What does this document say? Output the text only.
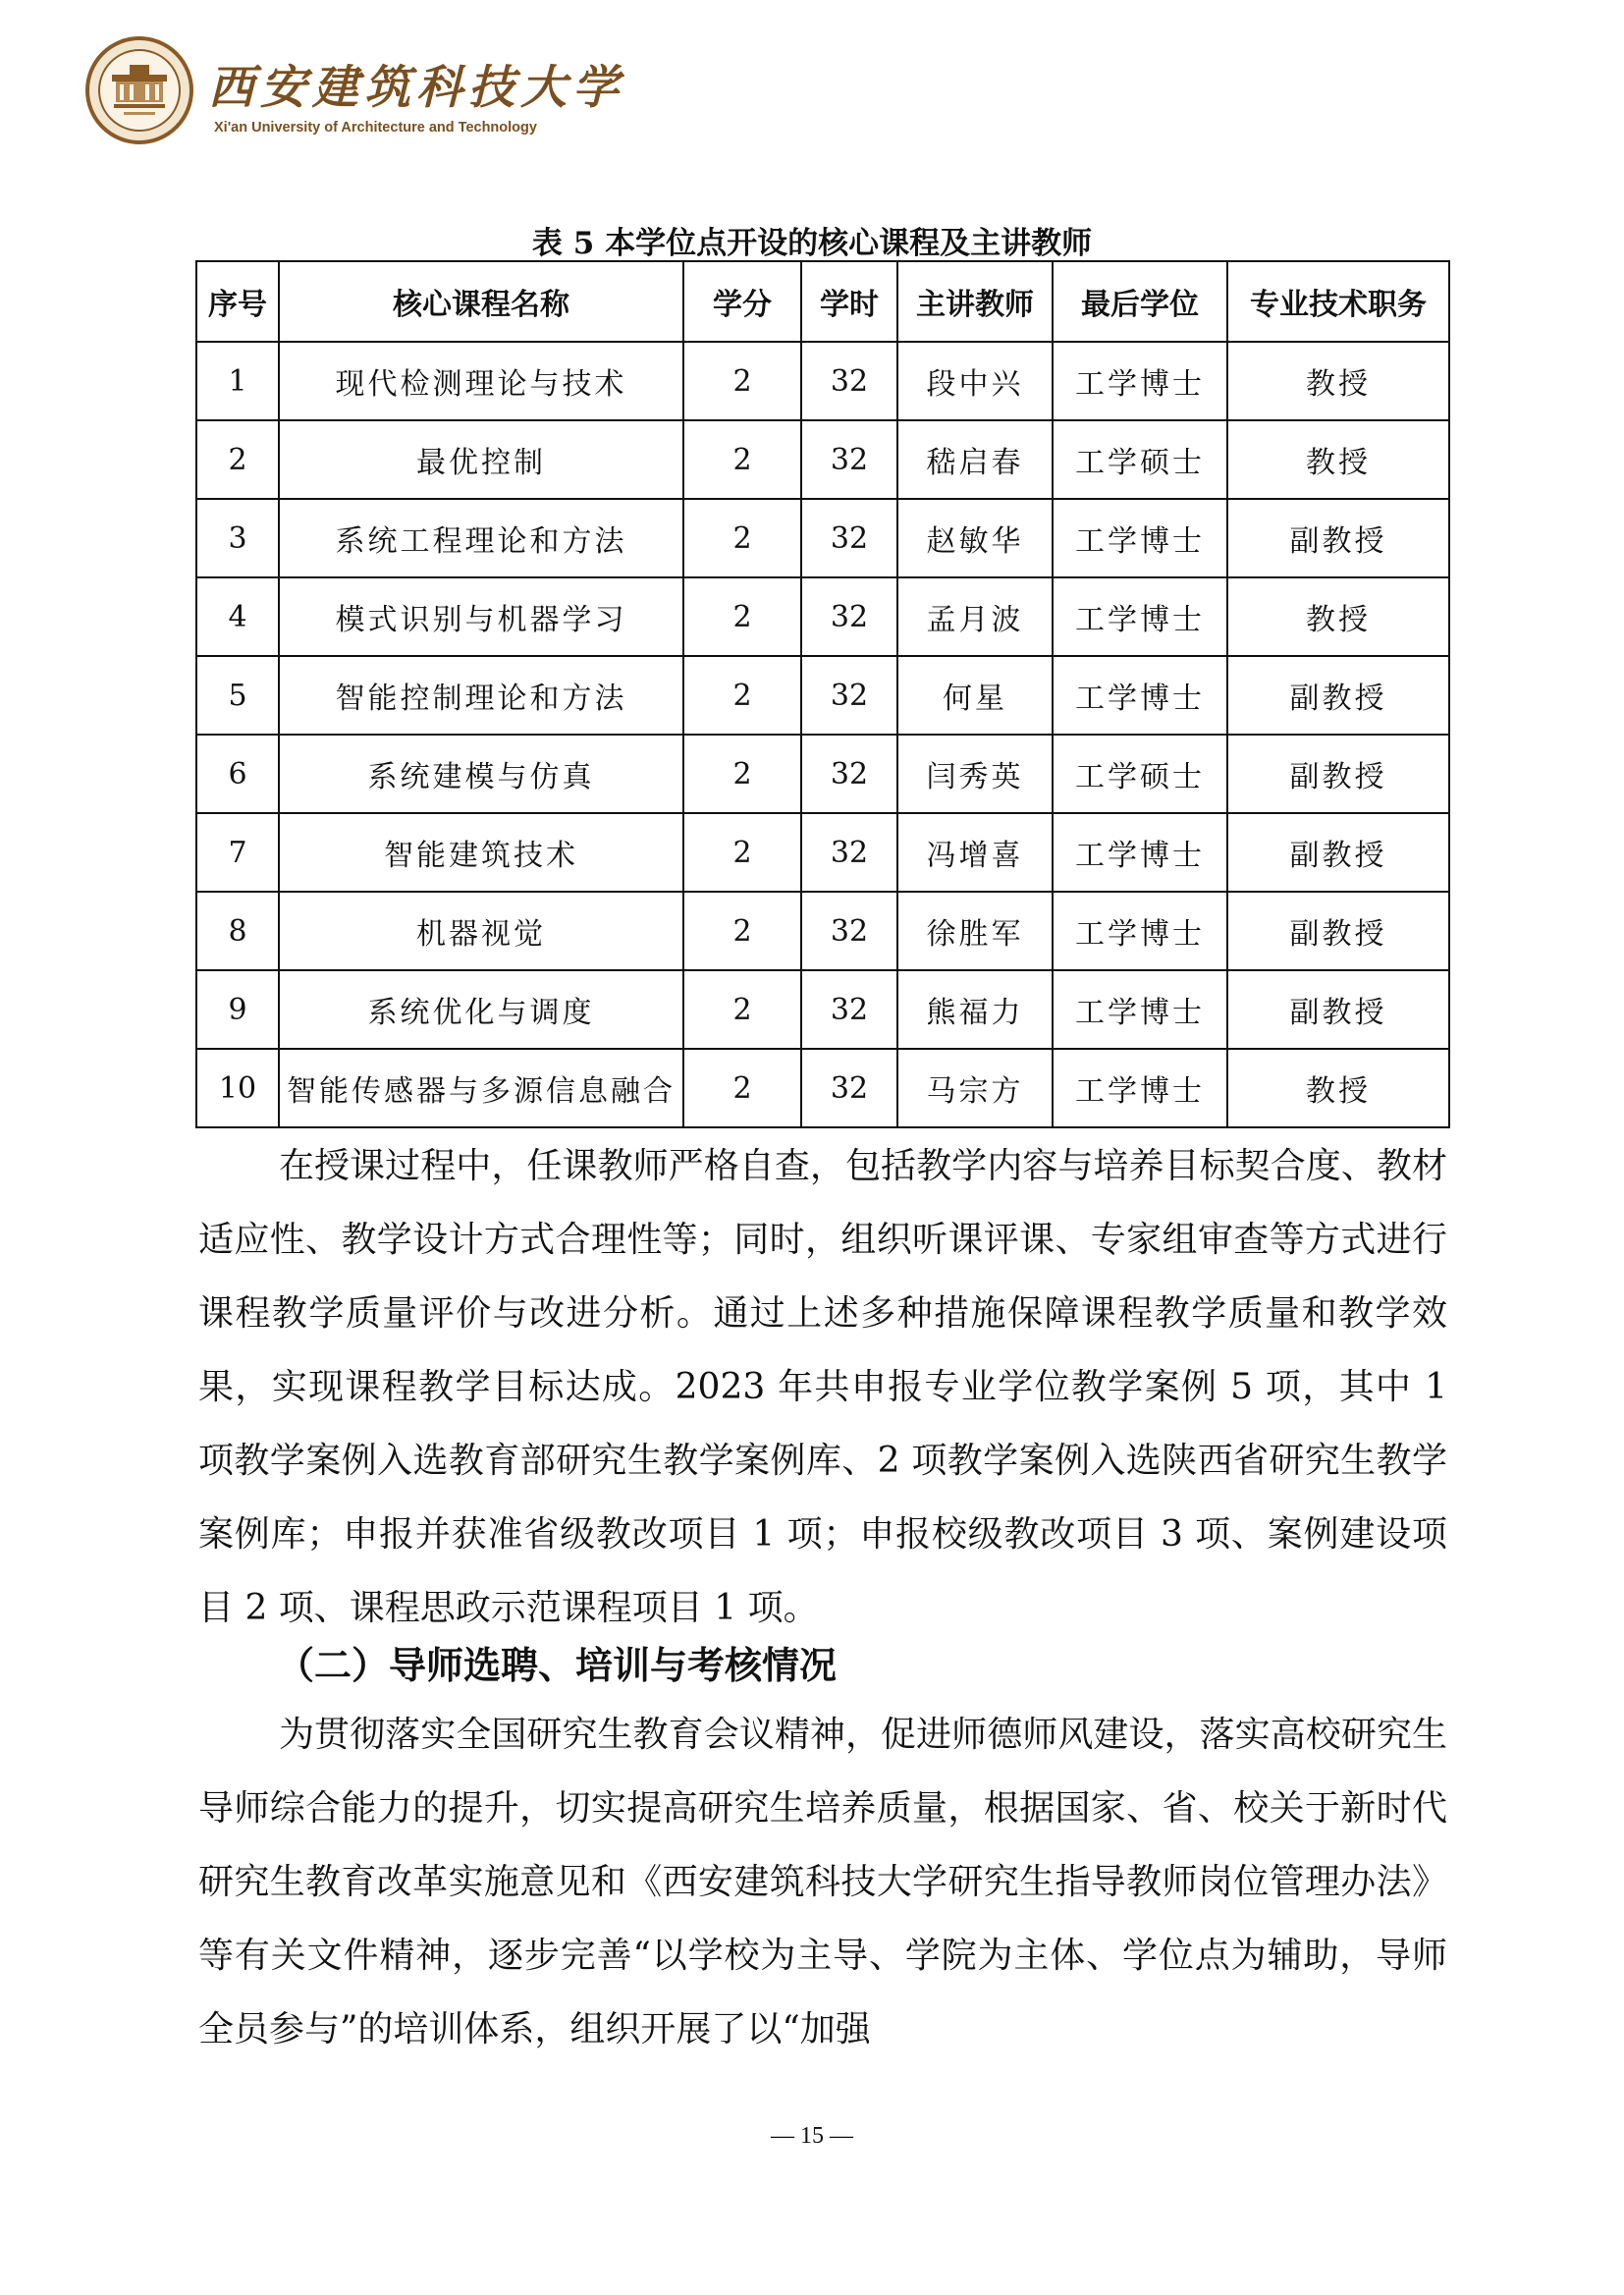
西安建筑科技大学
Xi'an University of Architecture and Technology
表 5 本学位点开设的核心课程及主讲教师
序号	核心课程名称	学分	学时	主讲教师	最后学位	专业技术职务
1	现代检测理论与技术	2	32	段中兴	工学博士	教授
2	最优控制	2	32	嵇启春	工学硕士	教授
3	系统工程理论和方法	2	32	赵敏华	工学博士	副教授
4	模式识别与机器学习	2	32	孟月波	工学博士	教授
5	智能控制理论和方法	2	32	何星	工学博士	副教授
6	系统建模与仿真	2	32	闫秀英	工学硕士	副教授
7	智能建筑技术	2	32	冯增喜	工学博士	副教授
8	机器视觉	2	32	徐胜军	工学博士	副教授
9	系统优化与调度	2	32	熊福力	工学博士	副教授
10	智能传感器与多源信息融合	2	32	马宗方	工学博士	教授

在授课过程中，任课教师严格自查，包括教学内容与培养目标契合度、教材适应性、教学设计方式合理性等；同时，组织听课评课、专家组审查等方式进行课程教学质量评价与改进分析。通过上述多种措施保障课程教学质量和教学效果，实现课程教学目标达成。2023 年共申报专业学位教学案例 5 项，其中 1 项教学案例入选教育部研究生教学案例库、2 项教学案例入选陕西省研究生教学案例库；申报并获准省级教改项目 1 项；申报校级教改项目 3 项、案例建设项目 2 项、课程思政示范课程项目 1 项。

（二）导师选聘、培训与考核情况

为贯彻落实全国研究生教育会议精神，促进师德师风建设，落实高校研究生导师综合能力的提升，切实提高研究生培养质量，根据国家、省、校关于新时代研究生教育改革实施意见和《西安建筑科技大学研究生指导教师岗位管理办法》等有关文件精神，逐步完善“以学校为主导、学院为主体、学位点为辅助，导师全员参与”的培训体系，组织开展了以“加强

— 15 —
